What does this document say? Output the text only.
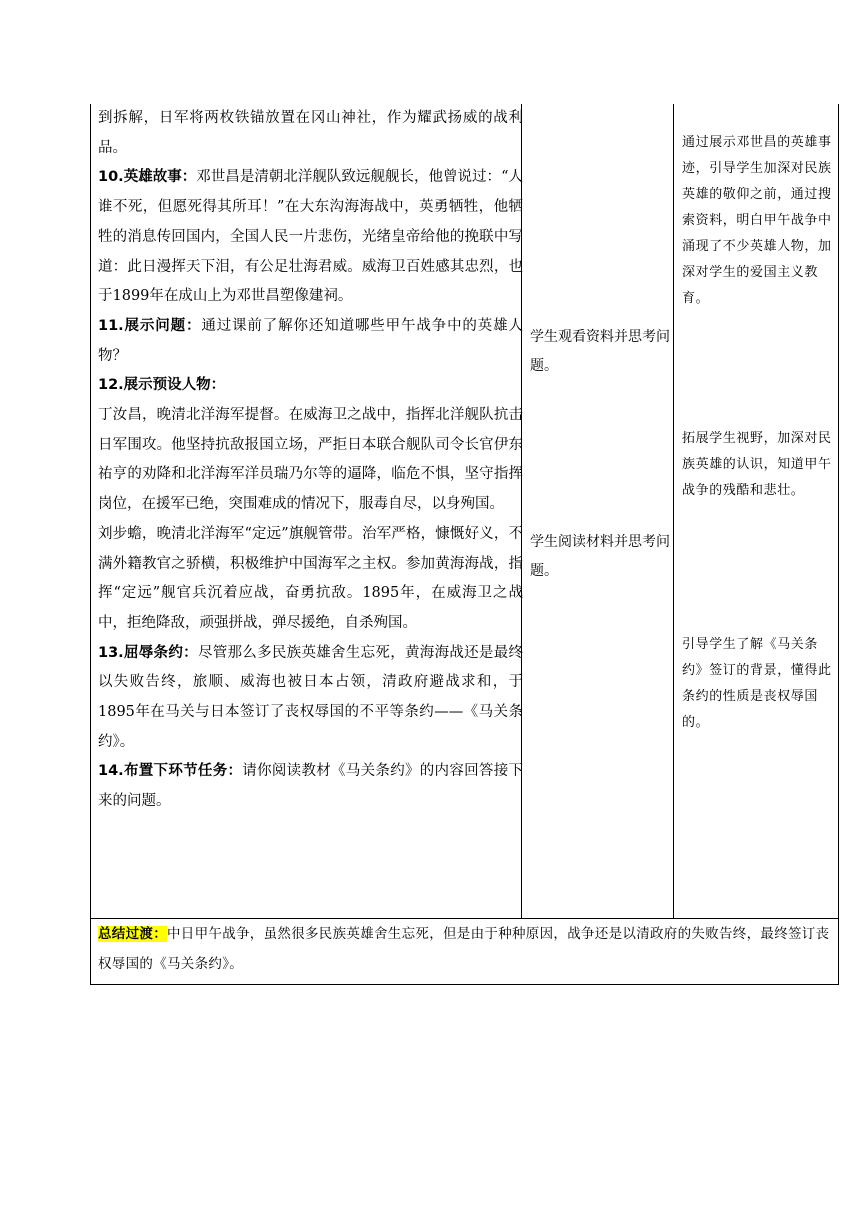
到拆解，日军将两枚铁锚放置在冈山神社，作为耀武扬威的战利品。

10.英雄故事：邓世昌是清朝北洋舰队致远舰舰长，他曾说过：“人谁不死，但愿死得其所耳！”在大东沟海海战中，英勇牺牲，他牺牲的消息传回国内，全国人民一片悲伤，光绪皇帝给他的挽联中写道：此日漫挥天下泪，有公足壮海君威。威海卫百姓感其忠烈，也于1899年在成山上为邓世昌塑像建祠。

11.展示问题：通过课前了解你还知道哪些甲午战争中的英雄人物？

12.展示预设人物：

丁汝昌，晚清北洋海军提督。在威海卫之战中，指挥北洋舰队抗击日军围攻。他坚持抗敌报国立场，严拒日本联合舰队司令长官伊东祐亨的劝降和北洋海军洋员瑞乃尔等的逼降，临危不惧，坚守指挥岗位，在援军已绝，突围难成的情况下，服毒自尽，以身殉国。

刘步蟾，晚清北洋海军“定远”旗舰管带。治军严格，慷慨好义，不满外籍教官之骄横，积极维护中国海军之主权。参加黄海海战，指挥“定远”舰官兵沉着应战，奋勇抗敌。1895年，在威海卫之战中，拒绝降敌，顽强拼战，弹尽援绝，自杀殉国。

13.屈辱条约：尽管那么多民族英雄舍生忘死，黄海海战还是最终以失败告终，旅顺、威海也被日本占领，清政府避战求和，于1895年在马关与日本签订了丧权辱国的不平等条约——《马关条约》。

14.布置下环节任务：请你阅读教材《马关条约》的内容回答接下来的问题。

学生观看资料并思考问题。
学生阅读材料并思考问题。
通过展示邓世昌的英雄事迹，引导学生加深对民族英雄的敬仰之前，通过搜索资料，明白甲午战争中涌现了不少英雄人物，加深对学生的爱国主义教育。
拓展学生视野，加深对民族英雄的认识，知道甲午战争的残酷和悲壮。
引导学生了解《马关条约》签订的背景，懂得此条约的性质是丧权辱国的。
总结过渡：中日甲午战争，虽然很多民族英雄舍生忘死，但是由于种种原因，战争还是以清政府的失败告终，最终签订丧权辱国的《马关条约》。
